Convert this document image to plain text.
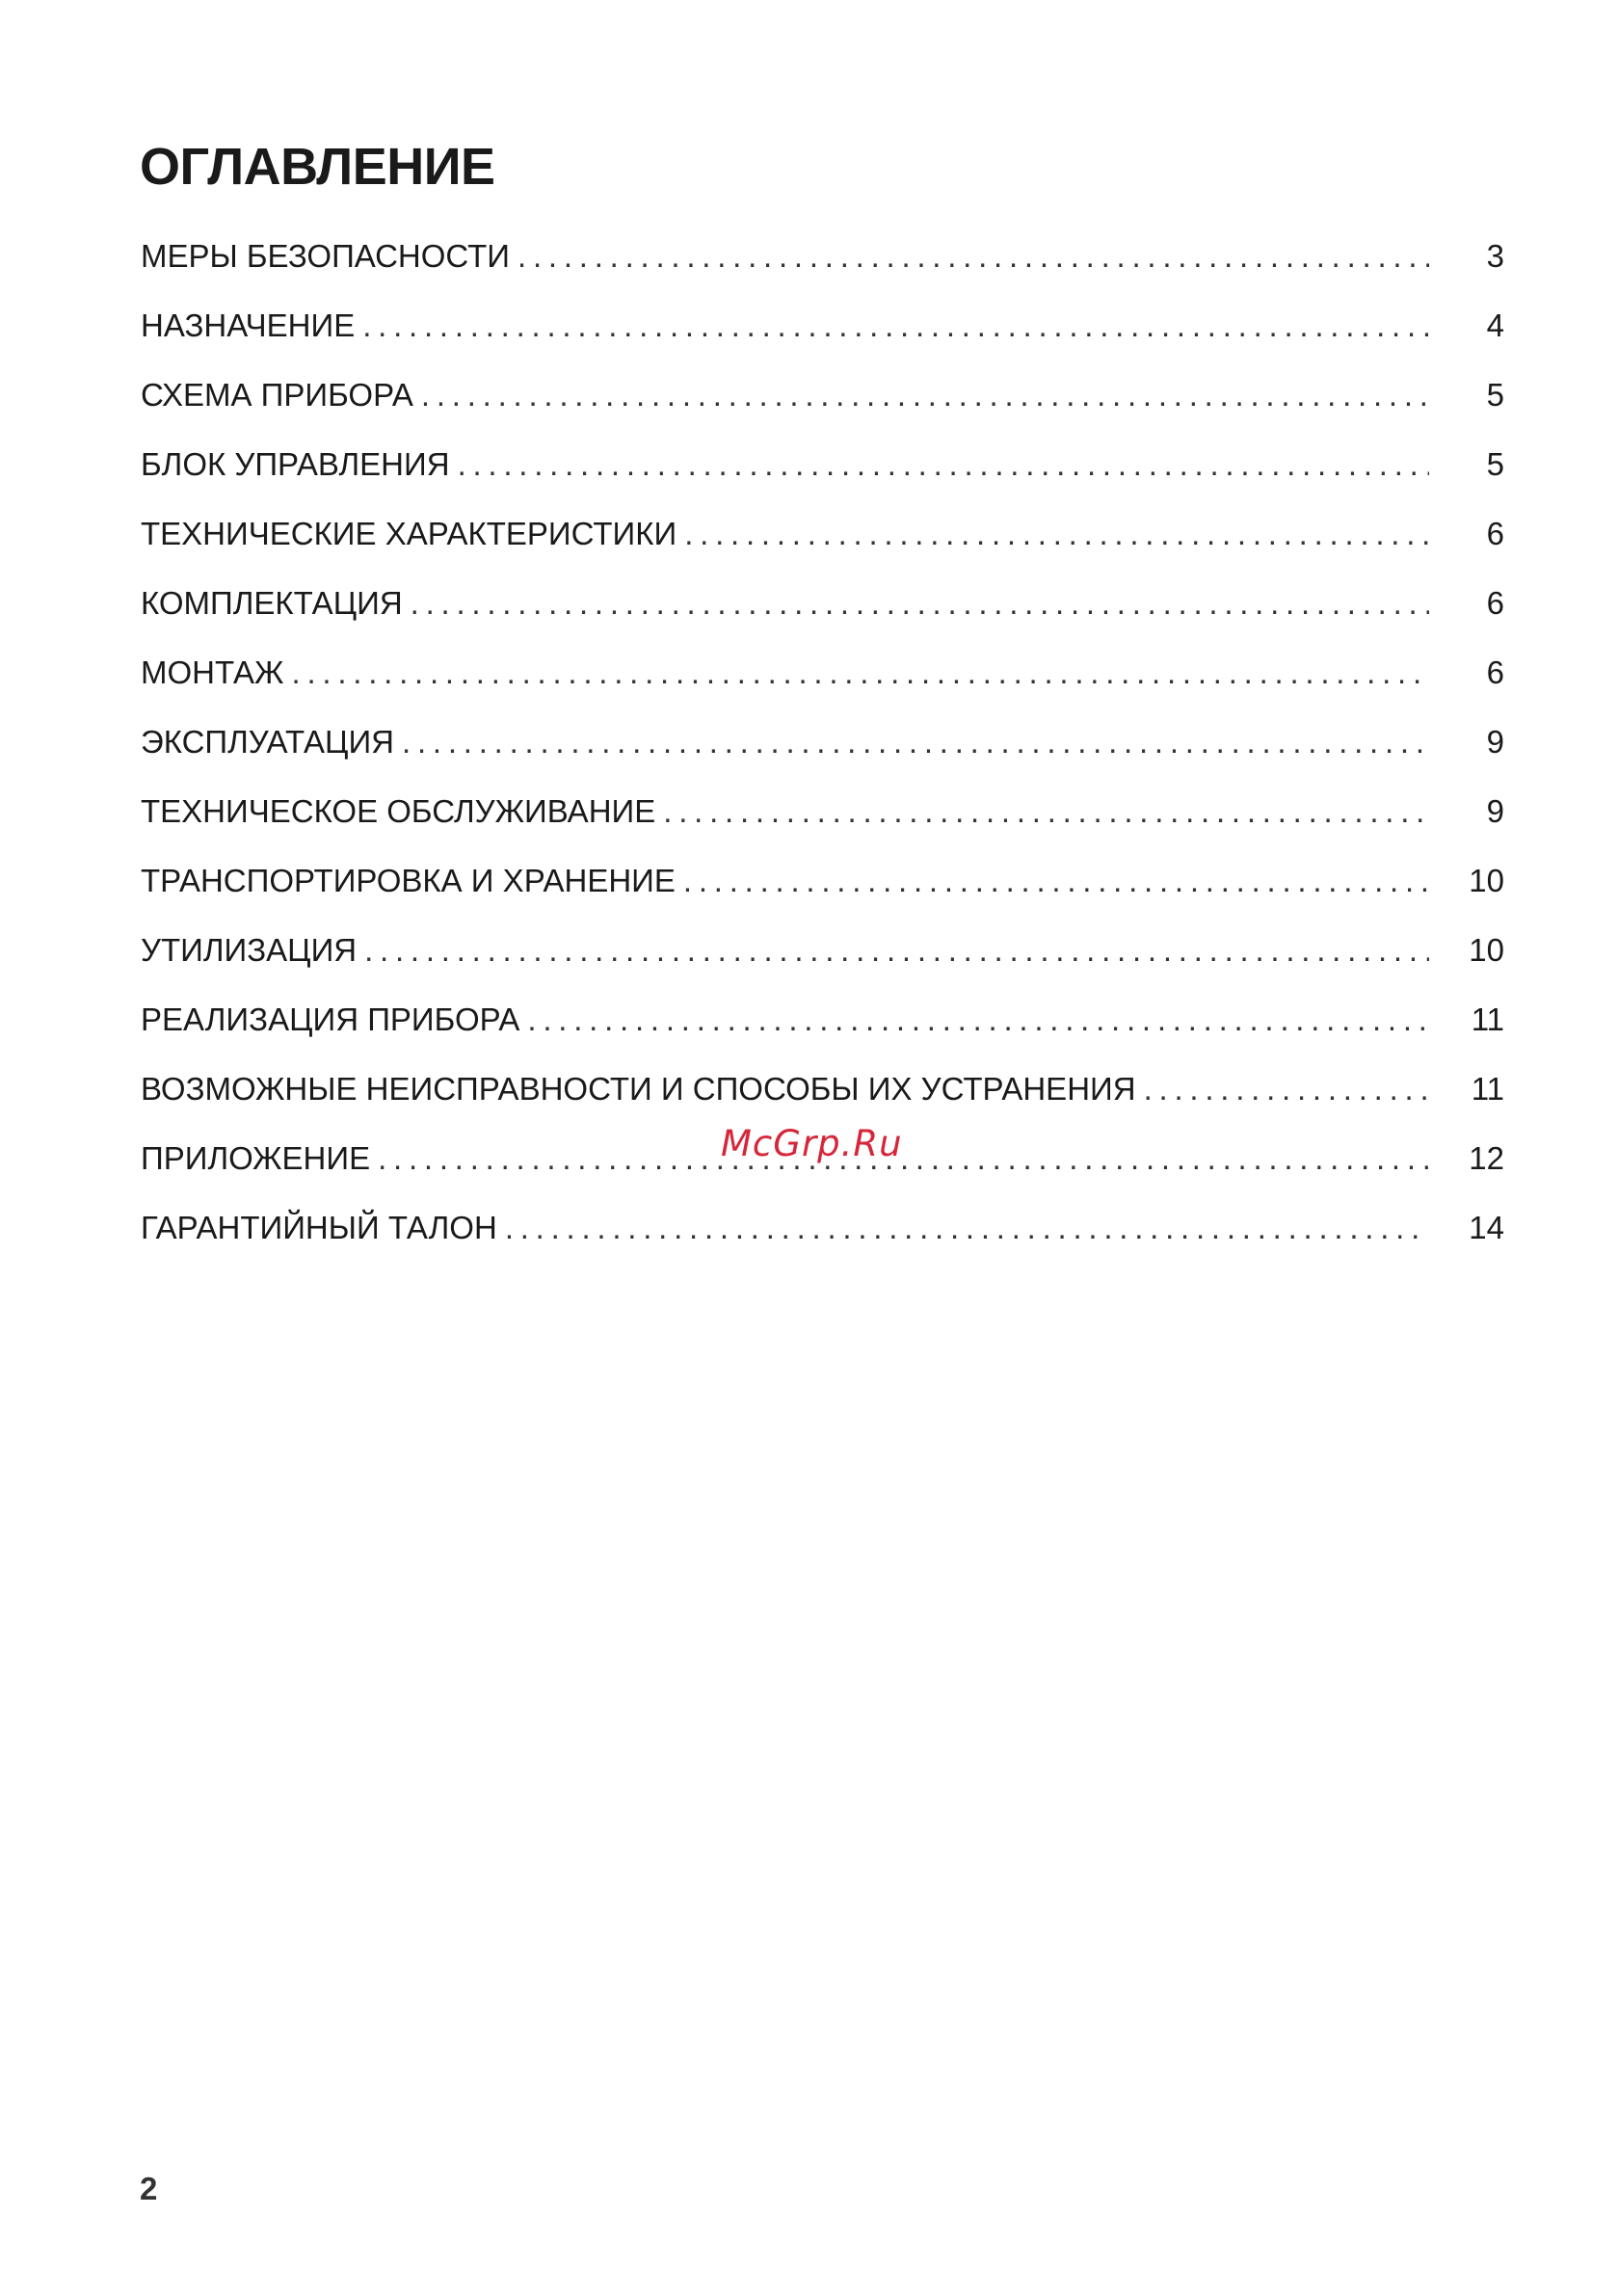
ОГЛАВЛЕНИЕ
МЕРЫ БЕЗОПАСНОСТИ . . .	3
НАЗНАЧЕНИЕ . . .	4
СХЕМА ПРИБОРА . . .	5
БЛОК УПРАВЛЕНИЯ . . .	5
ТЕХНИЧЕСКИЕ ХАРАКТЕРИСТИКИ . . .	6
КОМПЛЕКТАЦИЯ . . .	6
МОНТАЖ . . .	6
ЭКСПЛУАТАЦИЯ . . .	9
ТЕХНИЧЕСКОЕ ОБСЛУЖИВАНИЕ . . .	9
ТРАНСПОРТИРОВКА И ХРАНЕНИЕ . . .	10
УТИЛИЗАЦИЯ . . .	10
РЕАЛИЗАЦИЯ ПРИБОРА . . .	11
ВОЗМОЖНЫЕ НЕИСПРАВНОСТИ И СПОСОБЫ ИХ УСТРАНЕНИЯ . . .	11
ПРИЛОЖЕНИЕ . . .	12
ГАРАНТИЙНЫЙ ТАЛОН . . .	14
McGrp.Ru
2
